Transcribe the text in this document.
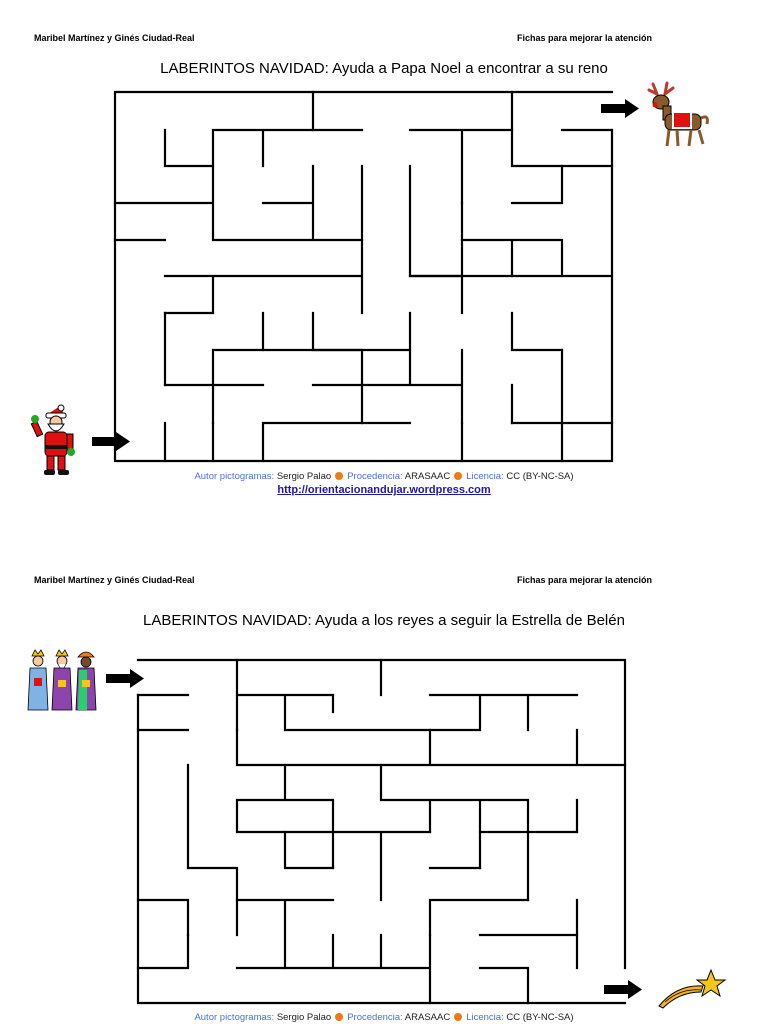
Maribel Martínez y Ginés Ciudad-Real	Fichas para mejorar la atención
LABERINTOS NAVIDAD: Ayuda a Papa Noel a encontrar a su reno
Autor pictogramas: Sergio Palao Procedencia: ARASAAC Licencia: CC (BY-NC-SA)
http://orientacionandujar.wordpress.com
Maribel Martínez y Ginés Ciudad-Real	Fichas para mejorar la atención
LABERINTOS NAVIDAD: Ayuda a los reyes a seguir la Estrella de Belén
Autor pictogramas: Sergio Palao Procedencia: ARASAAC Licencia: CC (BY-NC-SA)
